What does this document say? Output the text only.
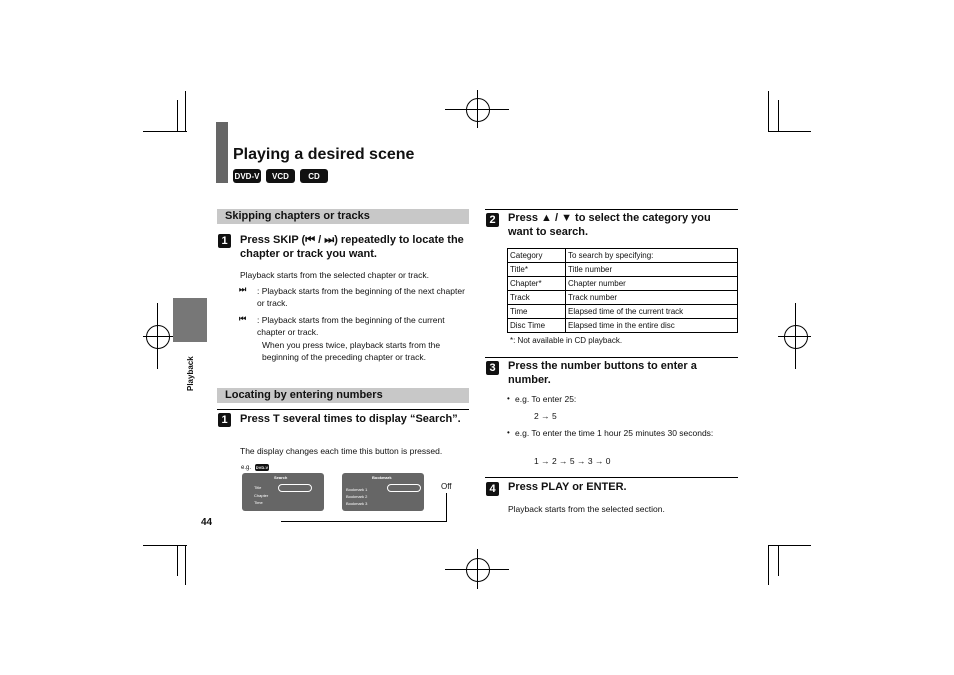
Playing a desired scene
DVD-V	VCD	CD
Playback
44
Skipping chapters or tracks
1	Press SKIP (⏮ / ⏭) repeatedly to locate the chapter or track you want.
Playback starts from the selected chapter or track.
⏭ : Playback starts from the beginning of the next chapter or track.
⏮ : Playback starts from the beginning of the current chapter or track.
When you press twice, playback starts from the beginning of the preceding chapter or track.
Locating by entering numbers
1	Press T several times to display “Search”.
The display changes each time this button is pressed.
e.g. DVD-V
Search
Title
Chapter
Time
Bookmark
Bookmark 1
Bookmark 2
Bookmark 3
Off
2	Press ▲ / ▼ to select the category you want to search.
Category	To search by specifying:
Title*	Title number
Chapter*	Chapter number
Track	Track number
Time	Elapsed time of the current track
Disc Time	Elapsed time in the entire disc
*: Not available in CD playback.
3	Press the number buttons to enter a number.
• e.g. To enter 25:
2 → 5
• e.g. To enter the time 1 hour 25 minutes 30 seconds:
1 → 2 → 5 → 3 → 0
4	Press PLAY or ENTER.
Playback starts from the selected section.
